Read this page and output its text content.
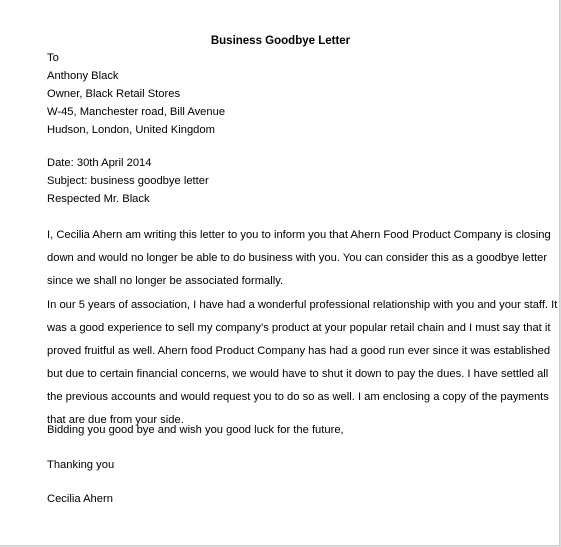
Business Goodbye Letter
To
Anthony Black
Owner, Black Retail Stores
W-45, Manchester road, Bill Avenue
Hudson, London, United Kingdom
Date: 30th April 2014
Subject: business goodbye letter
Respected Mr. Black
I, Cecilia Ahern am writing this letter to you to inform you that Ahern Food Product Company is closing
down and would no longer be able to do business with you. You can consider this as a goodbye letter
since we shall no longer be associated formally.
In our 5 years of association, I have had a wonderful professional relationship with you and your staff. It
was a good experience to sell my company’s product at your popular retail chain and I must say that it
proved fruitful as well. Ahern food Product Company has had a good run ever since it was established
but due to certain financial concerns, we would have to shut it down to pay the dues. I have settled all
the previous accounts and would request you to do so as well. I am enclosing a copy of the payments
that are due from your side.
Bidding you good bye and wish you good luck for the future,
Thanking you
Cecilia Ahern
